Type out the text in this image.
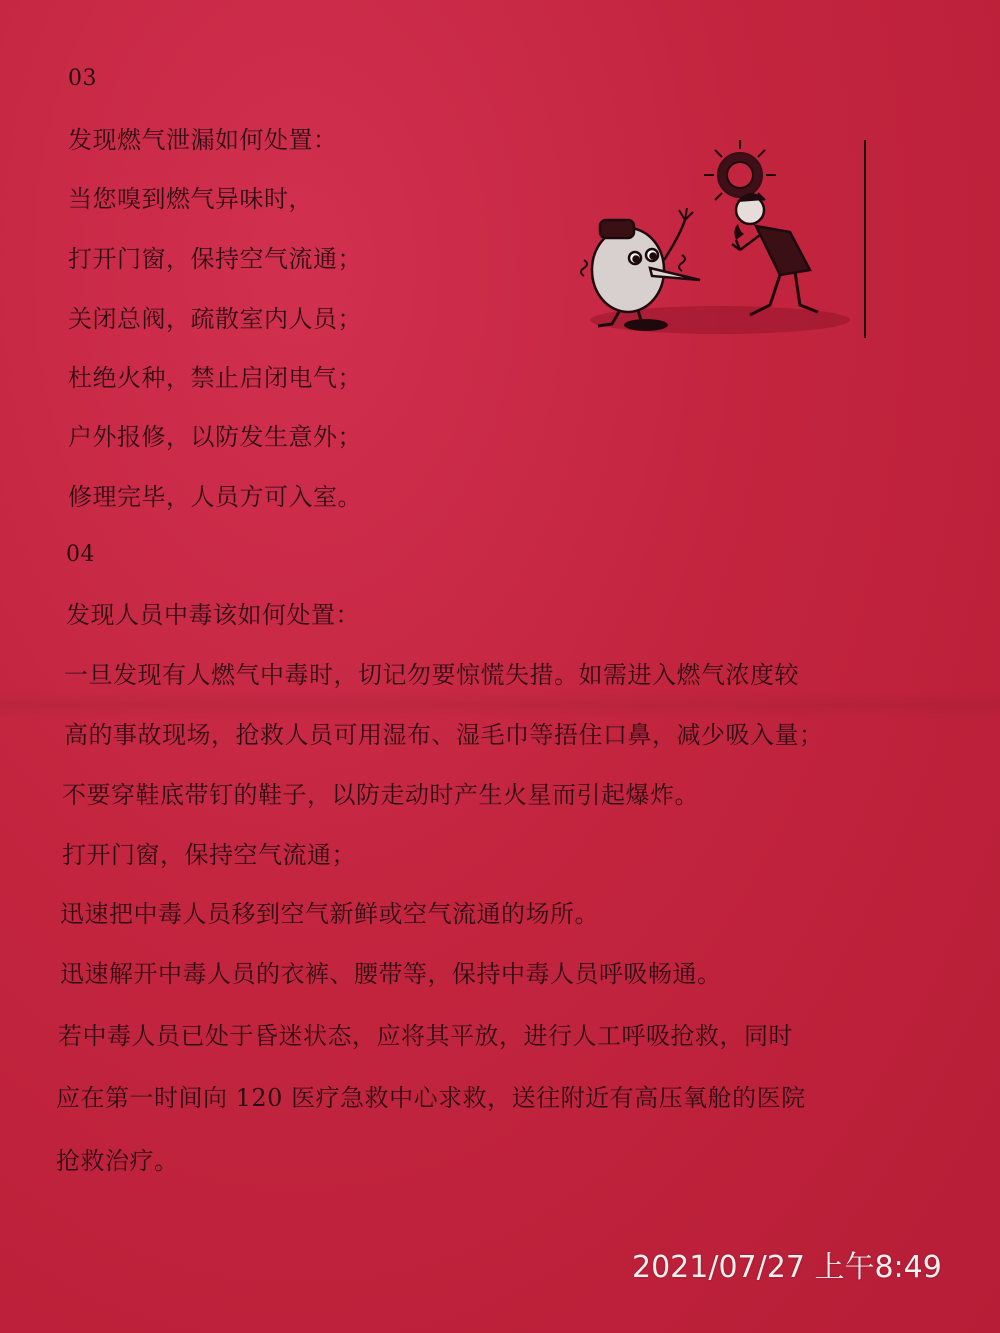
03
发现燃气泄漏如何处置：
当您嗅到燃气异味时，
打开门窗，保持空气流通；
关闭总阀，疏散室内人员；
杜绝火种，禁止启闭电气；
户外报修，以防发生意外；
修理完毕，人员方可入室。
04
发现人员中毒该如何处置：
一旦发现有人燃气中毒时，切记勿要惊慌失措。如需进入燃气浓度较
高的事故现场，抢救人员可用湿布、湿毛巾等捂住口鼻，减少吸入量；
不要穿鞋底带钉的鞋子，以防走动时产生火星而引起爆炸。
打开门窗，保持空气流通；
迅速把中毒人员移到空气新鲜或空气流通的场所。
迅速解开中毒人员的衣裤、腰带等，保持中毒人员呼吸畅通。
若中毒人员已处于昏迷状态，应将其平放，进行人工呼吸抢救，同时
应在第一时间向 120 医疗急救中心求救，送往附近有高压氧舱的医院
抢救治疗。
2021/07/27 上午8:49
